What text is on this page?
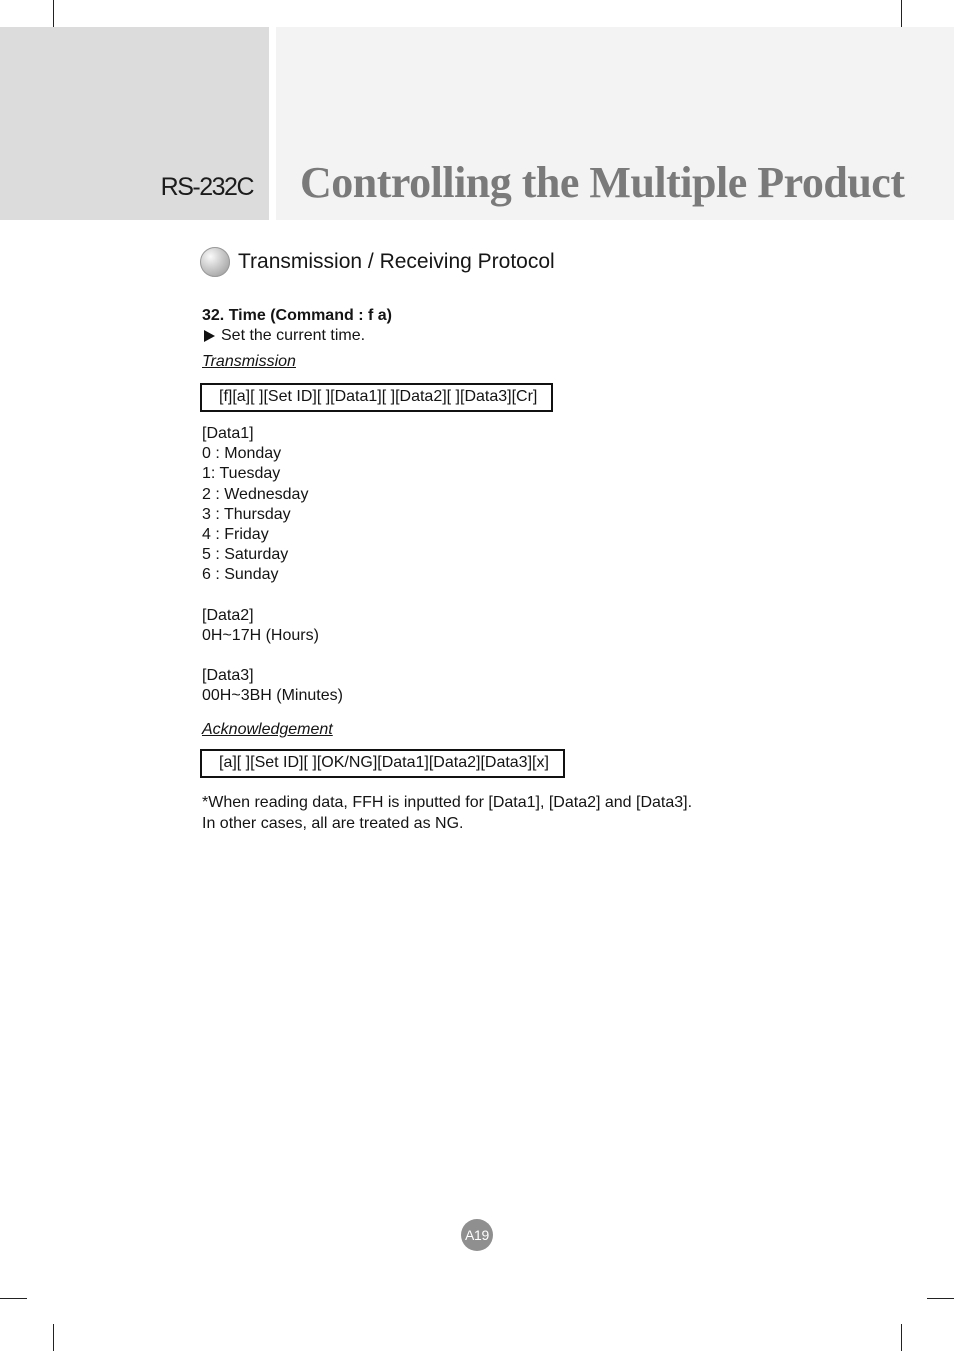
RS-232C Controlling the Multiple Product
Transmission / Receiving Protocol
32. Time (Command : f a)
Set the current time.
Transmission
[f][a][ ][Set ID][ ][Data1][ ][Data2][ ][Data3][Cr]
[Data1]
0 : Monday
1: Tuesday
2 : Wednesday
3 : Thursday
4 : Friday
5 : Saturday
6 : Sunday
[Data2]
0H~17H (Hours)
[Data3]
00H~3BH (Minutes)
Acknowledgement
[a][ ][Set ID][ ][OK/NG][Data1][Data2][Data3][x]
*When reading data, FFH is inputted for [Data1], [Data2] and [Data3].
In other cases, all are treated as NG.
A19
